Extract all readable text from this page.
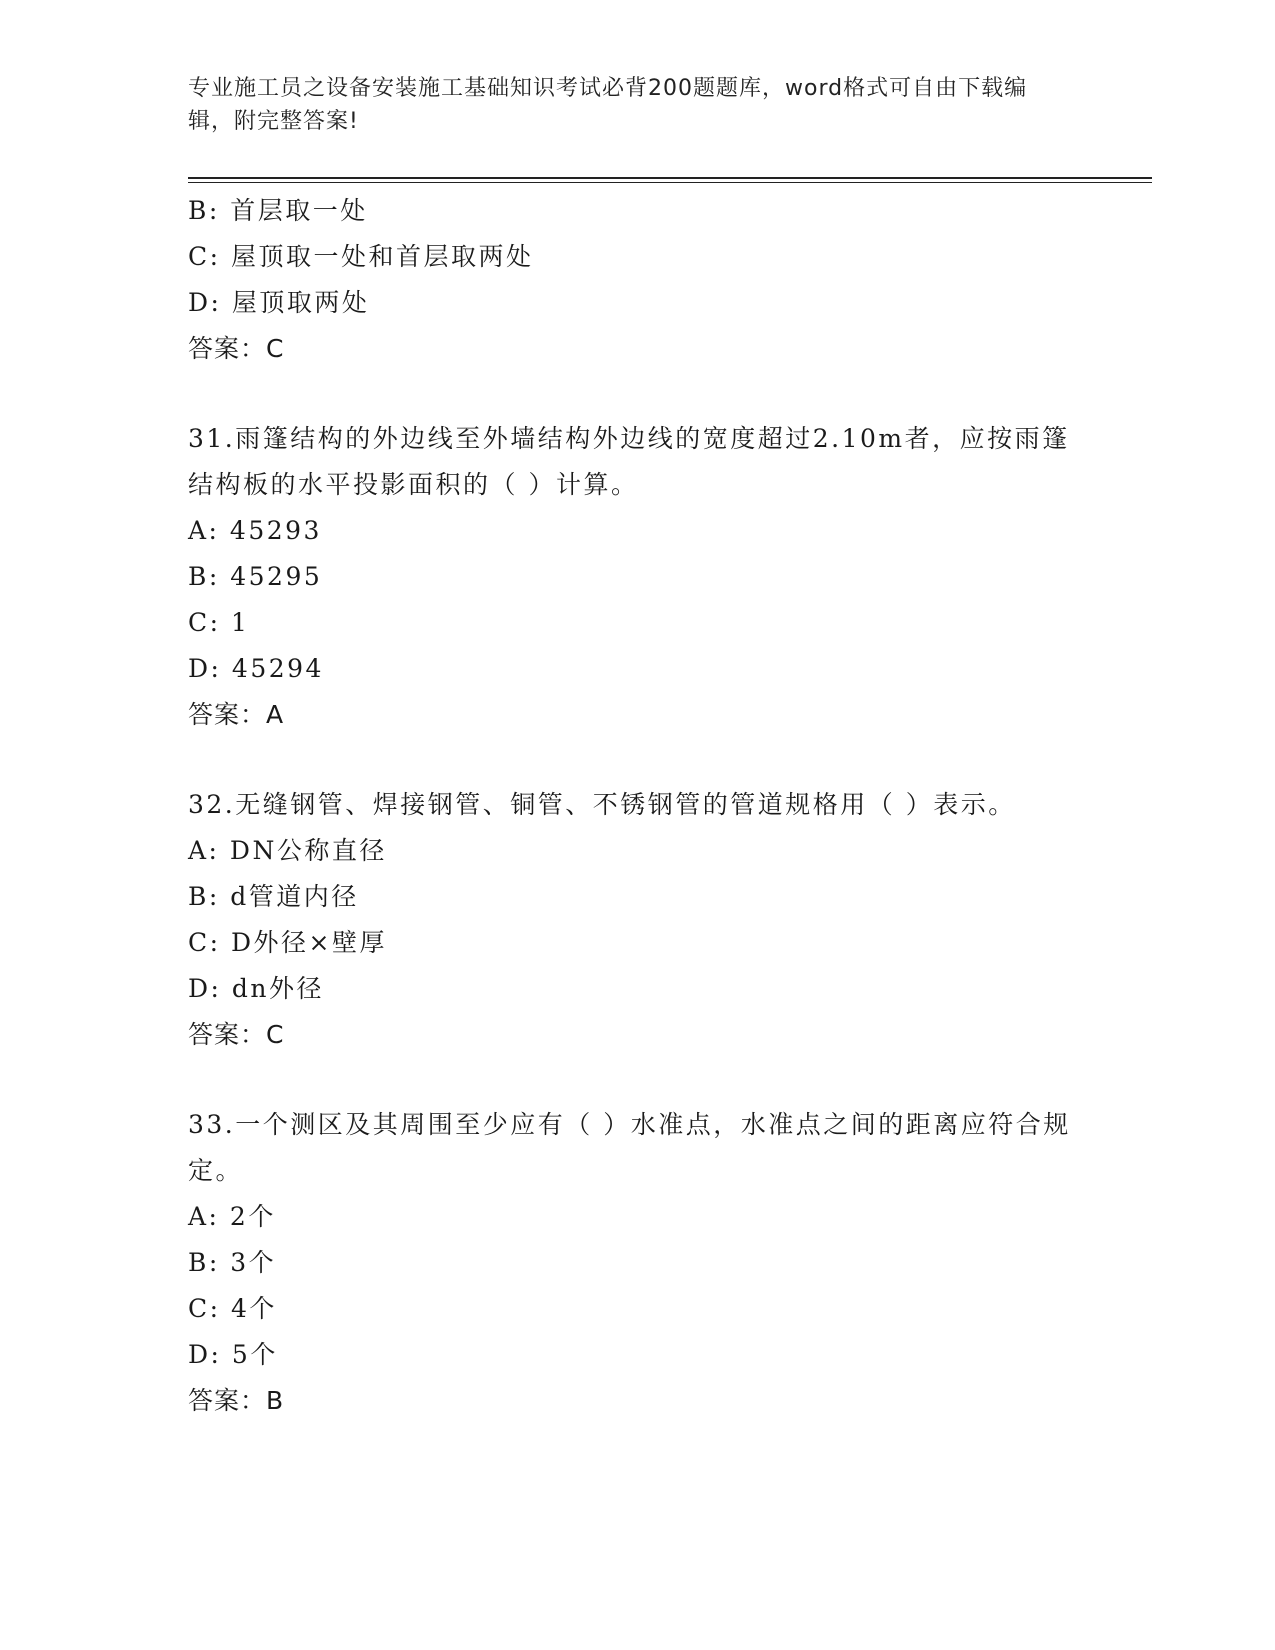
专业施工员之设备安装施工基础知识考试必背200题题库，word格式可自由下载编辑，附完整答案!
B: 首层取一处
C: 屋顶取一处和首层取两处
D: 屋顶取两处
答案：C
31.雨篷结构的外边线至外墙结构外边线的宽度超过2.10m者，应按雨篷结构板的水平投影面积的（ ）计算。
A: 45293
B: 45295
C: 1
D: 45294
答案：A
32.无缝钢管、焊接钢管、铜管、不锈钢管的管道规格用（ ）表示。
A: DN公称直径
B: d管道内径
C: D外径×壁厚
D: dn外径
答案：C
33.一个测区及其周围至少应有（ ）水准点，水准点之间的距离应符合规定。
A: 2个
B: 3个
C: 4个
D: 5个
答案：B
